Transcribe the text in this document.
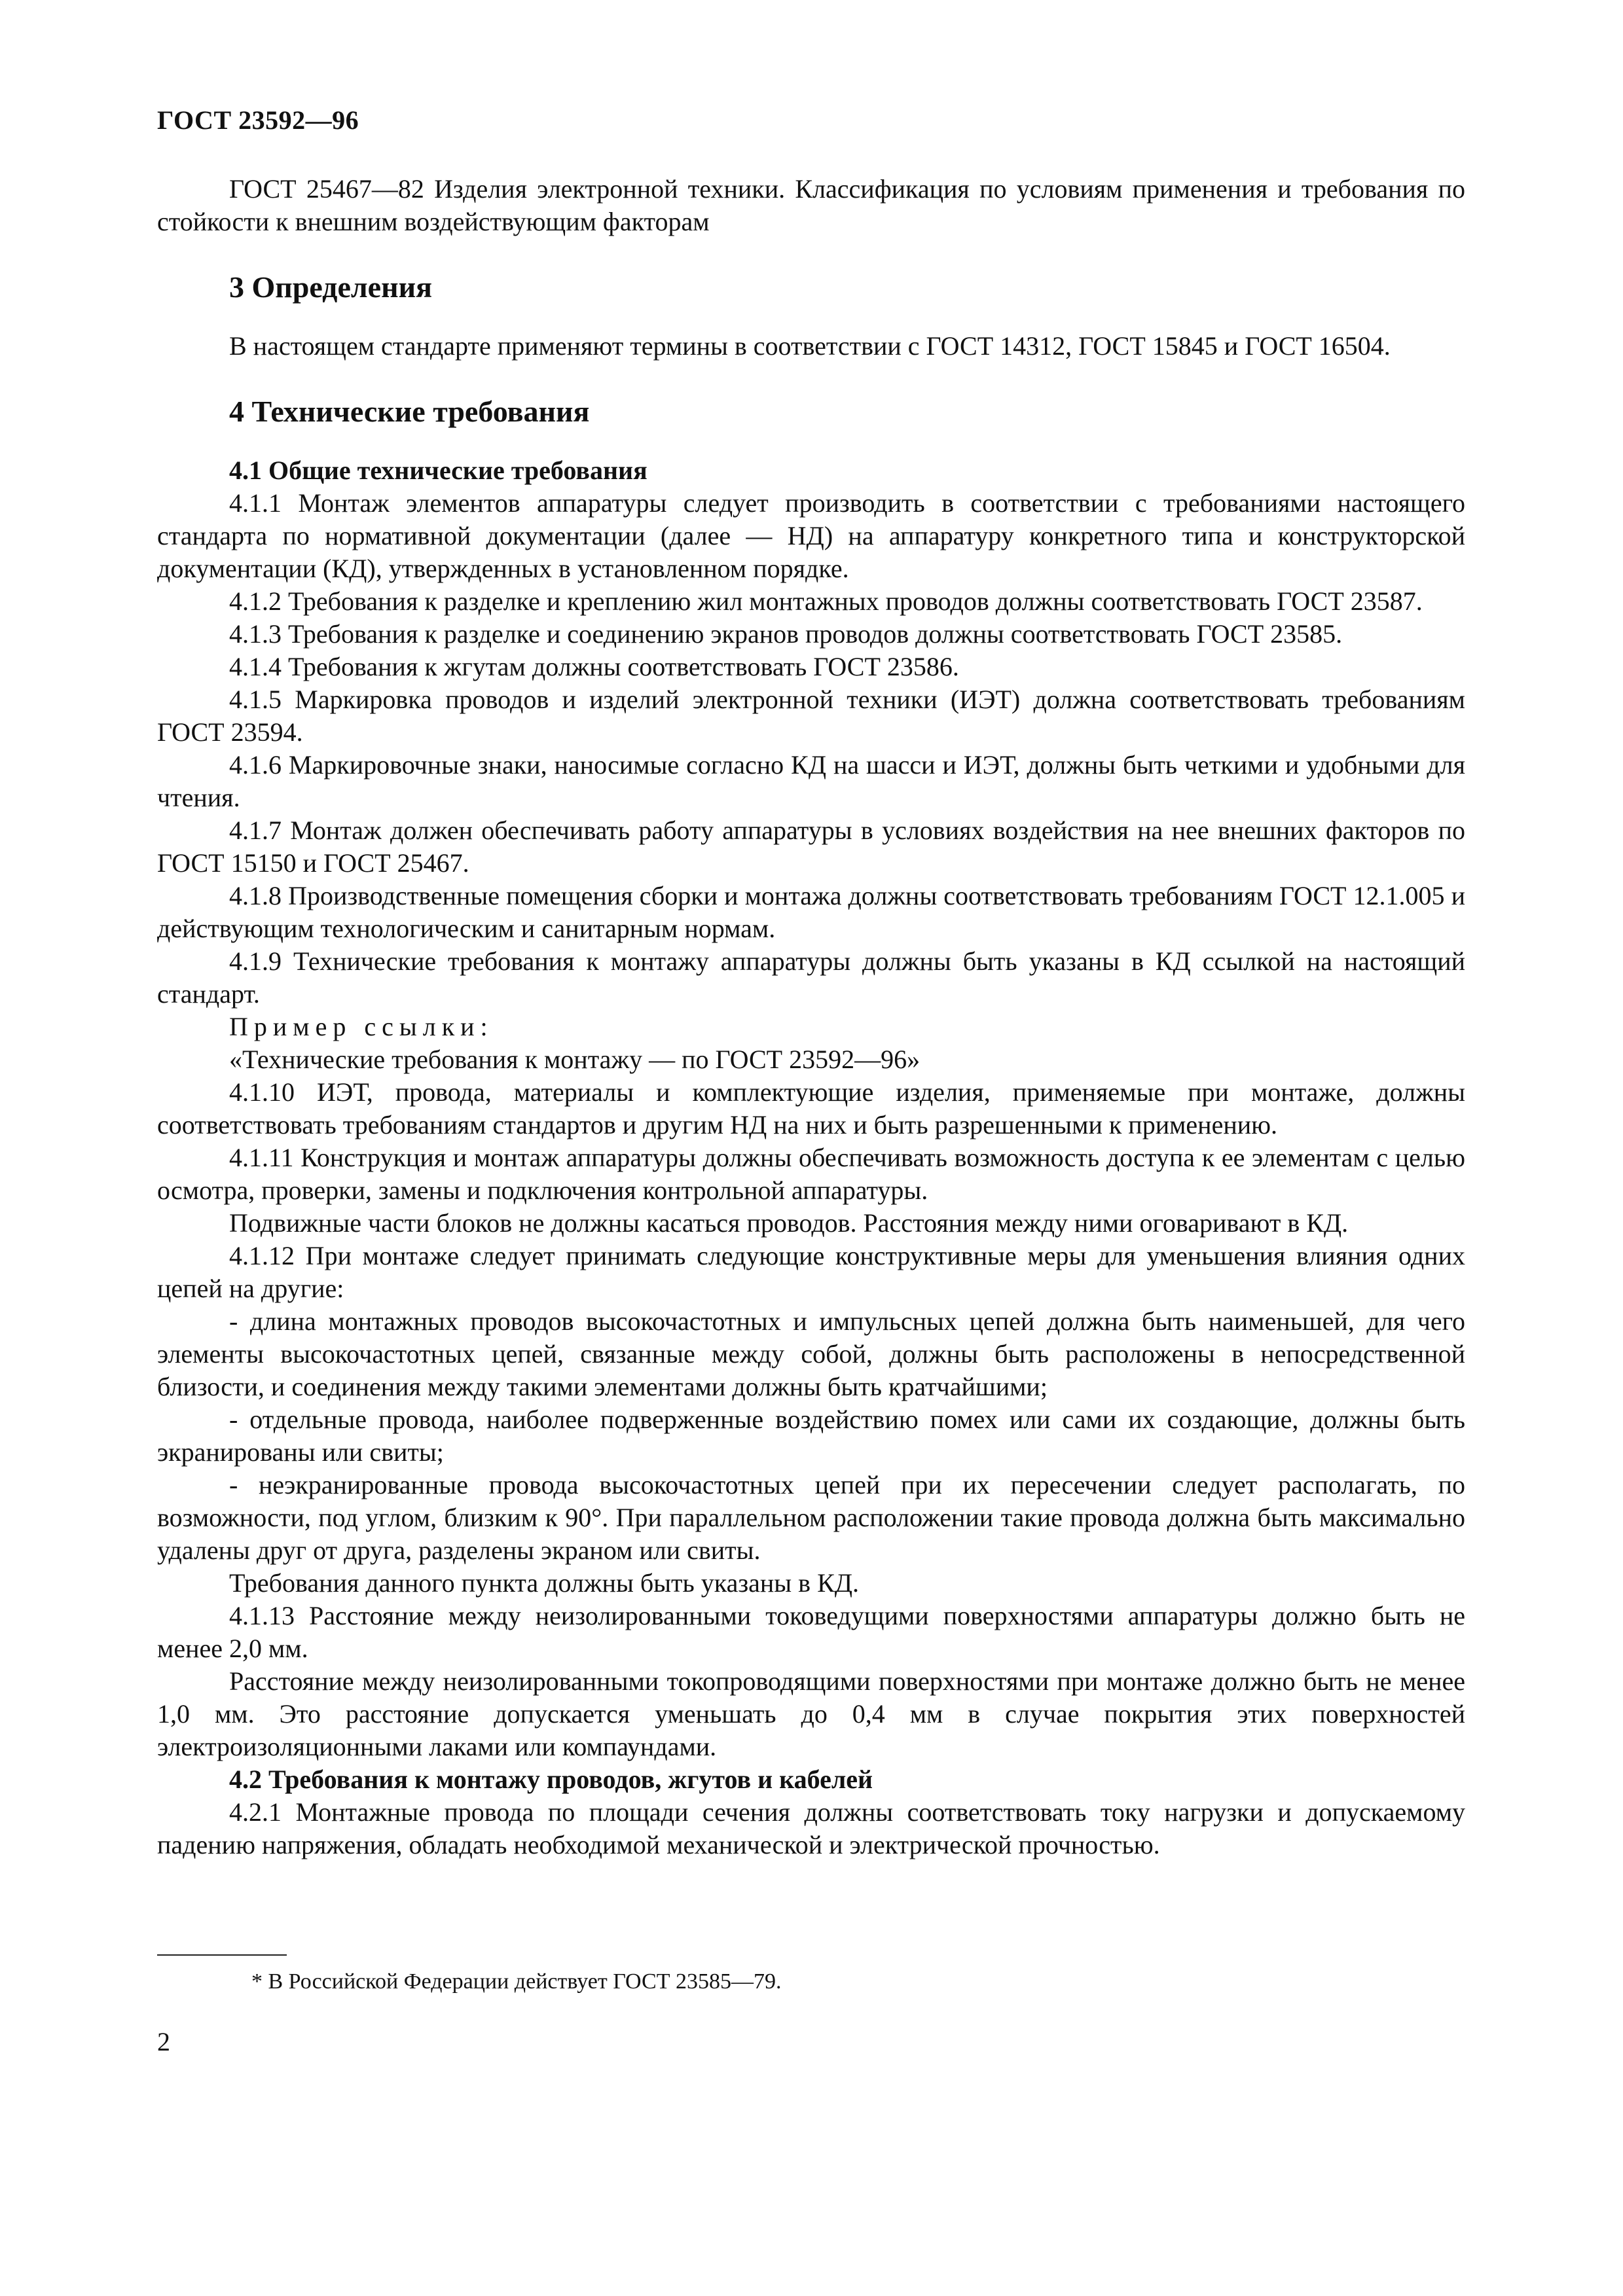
ГОСТ 23592—96

ГОСТ 25467—82 Изделия электронной техники. Классификация по условиям применения и требования по стойкости к внешним воздействующим факторам

3 Определения

В настоящем стандарте применяют термины в соответствии с ГОСТ 14312, ГОСТ 15845 и ГОСТ 16504.

4 Технические требования
4.1 Общие технические требования

4.1.1 Монтаж элементов аппаратуры следует производить в соответствии с требованиями настоящего стандарта по нормативной документации (далее — НД) на аппаратуру конкретного типа и конструкторской документации (КД), утвержденных в установленном порядке.

4.1.2 Требования к разделке и креплению жил монтажных проводов должны соответствовать ГОСТ 23587.

4.1.3 Требования к разделке и соединению экранов проводов должны соответствовать ГОСТ 23585.

4.1.4 Требования к жгутам должны соответствовать ГОСТ 23586.

4.1.5 Маркировка проводов и изделий электронной техники (ИЭТ) должна соответствовать требованиям ГОСТ 23594.

4.1.6 Маркировочные знаки, наносимые согласно КД на шасси и ИЭТ, должны быть четкими и удобными для чтения.

4.1.7 Монтаж должен обеспечивать работу аппаратуры в условиях воздействия на нее внешних факторов по ГОСТ 15150 и ГОСТ 25467.

4.1.8 Производственные помещения сборки и монтажа должны соответствовать требованиям ГОСТ 12.1.005 и действующим технологическим и санитарным нормам.

4.1.9 Технические требования к монтажу аппаратуры должны быть указаны в КД ссылкой на настоящий стандарт.

Пример ссылки:

«Технические требования к монтажу — по ГОСТ 23592—96»

4.1.10 ИЭТ, провода, материалы и комплектующие изделия, применяемые при монтаже, должны соответствовать требованиям стандартов и другим НД на них и быть разрешенными к применению.

4.1.11 Конструкция и монтаж аппаратуры должны обеспечивать возможность доступа к ее элементам с целью осмотра, проверки, замены и подключения контрольной аппаратуры.

Подвижные части блоков не должны касаться проводов. Расстояния между ними оговаривают в КД.

4.1.12 При монтаже следует принимать следующие конструктивные меры для уменьшения влияния одних цепей на другие:

- длина монтажных проводов высокочастотных и импульсных цепей должна быть наименьшей, для чего элементы высокочастотных цепей, связанные между собой, должны быть расположены в непосредственной близости, и соединения между такими элементами должны быть кратчайшими;

- отдельные провода, наиболее подверженные воздействию помех или сами их создающие, должны быть экранированы или свиты;

- неэкранированные провода высокочастотных цепей при их пересечении следует располагать, по возможности, под углом, близким к 90°. При параллельном расположении такие провода должна быть максимально удалены друг от друга, разделены экраном или свиты.

Требования данного пункта должны быть указаны в КД.

4.1.13 Расстояние между неизолированными токоведущими поверхностями аппаратуры должно быть не менее 2,0 мм.

Расстояние между неизолированными токопроводящими поверхностями при монтаже должно быть не менее 1,0 мм. Это расстояние допускается уменьшать до 0,4 мм в случае покрытия этих поверхностей электроизоляционными лаками или компаундами.

4.2 Требования к монтажу проводов, жгутов и кабелей

4.2.1 Монтажные провода по площади сечения должны соответствовать току нагрузки и допускаемому падению напряжения, обладать необходимой механической и электрической прочностью.

* В Российской Федерации действует ГОСТ 23585—79.
2
